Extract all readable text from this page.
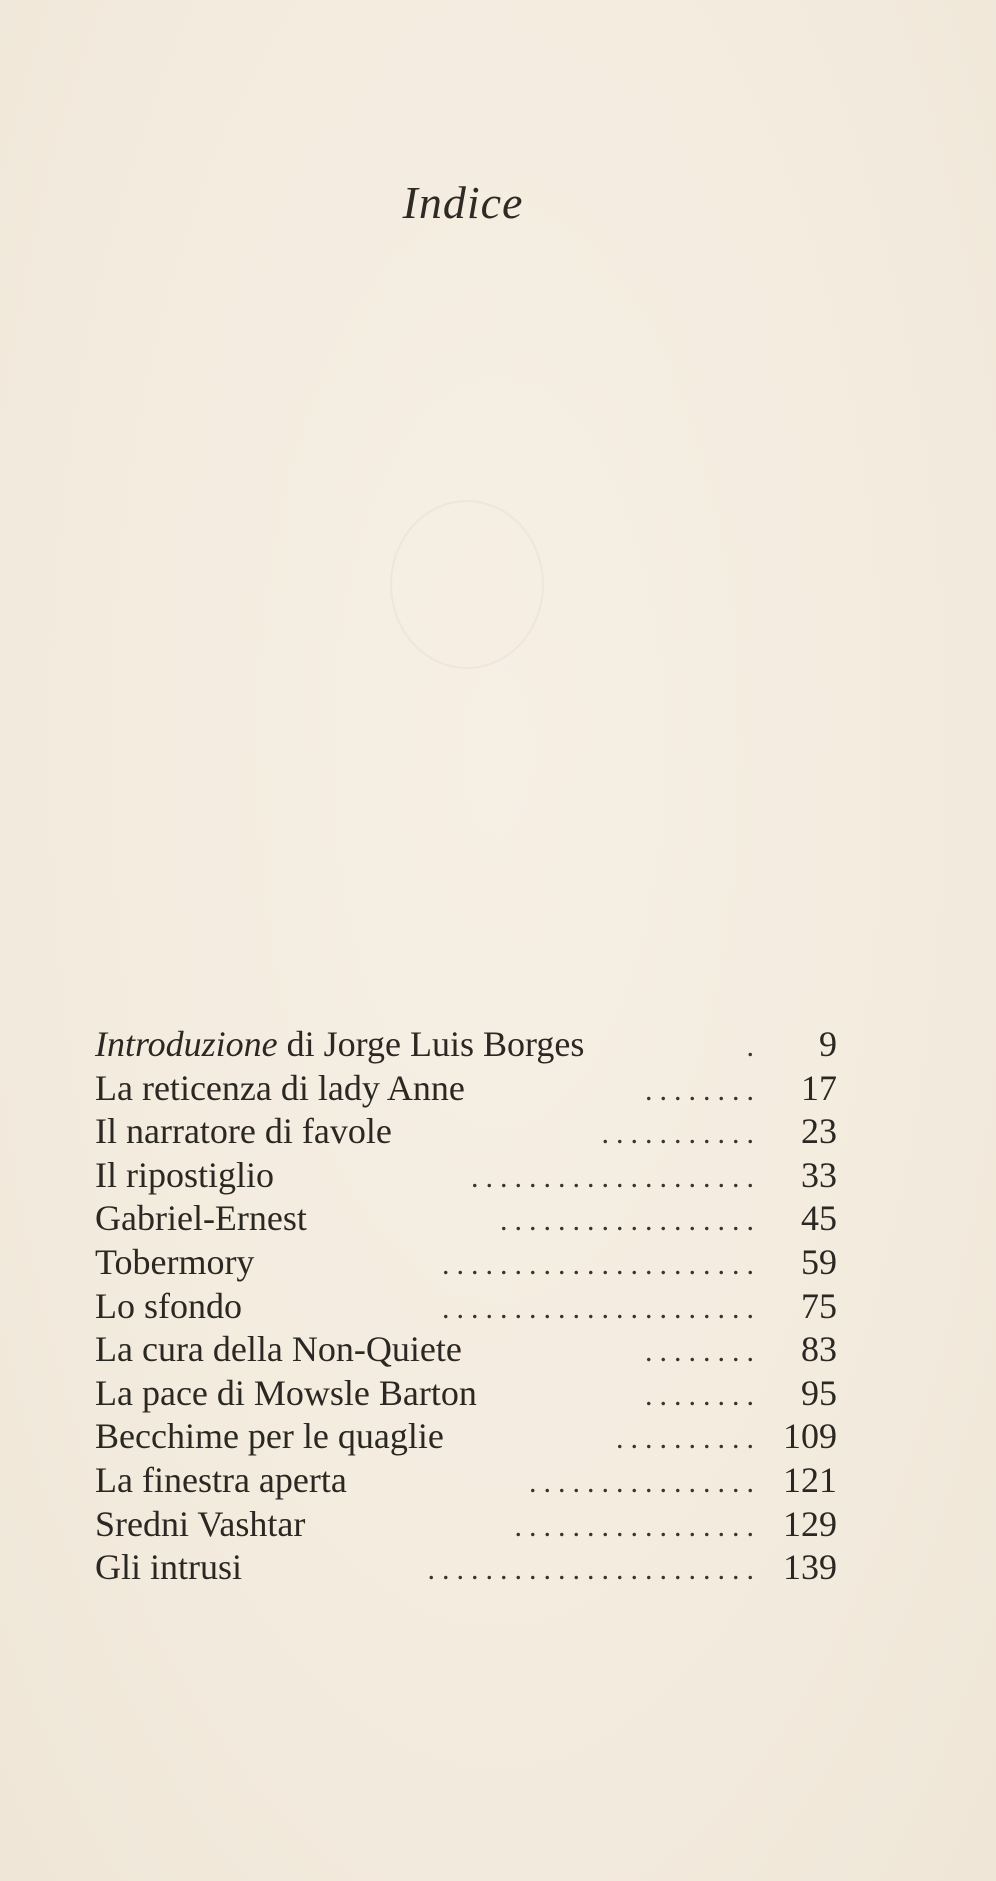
Indice
Introduzione di Jorge Luis Borges	.	9
La reticenza di lady Anne	........	17
Il narratore di favole	...........	23
Il ripostiglio	....................	33
Gabriel-Ernest	..................	45
Tobermory	......................	59
Lo sfondo	......................	75
La cura della Non-Quiete	........	83
La pace di Mowsle Barton	........	95
Becchime per le quaglie	.......... 109
La finestra aperta	................ 121
Sredni Vashtar	................. 129
Gli intrusi	....................... 139
